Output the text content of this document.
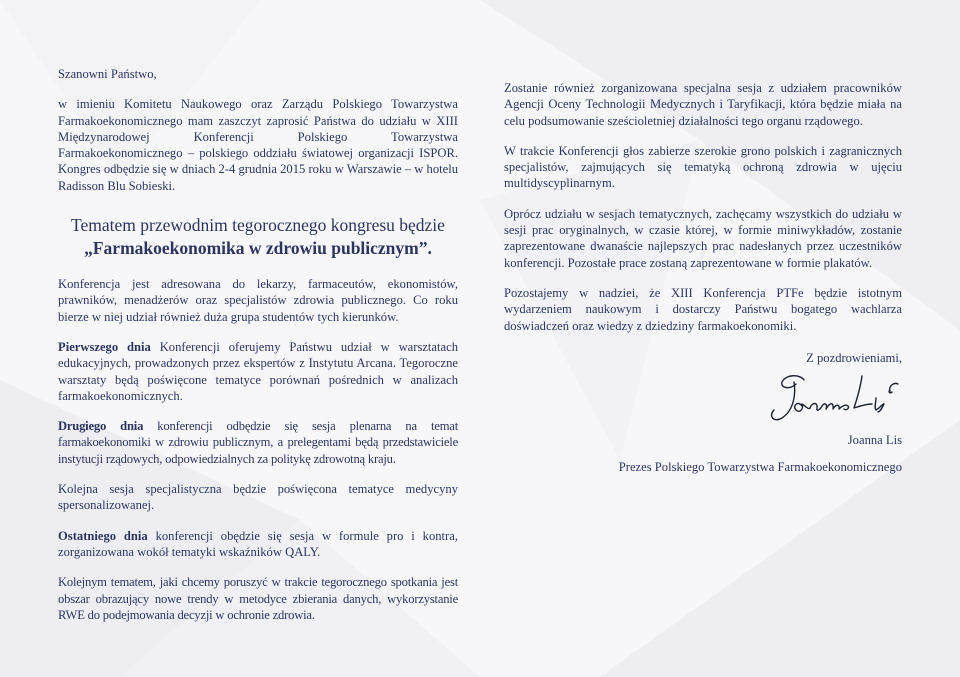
Szanowni Państwo,

w imieniu Komitetu Naukowego oraz Zarządu Polskiego Towarzystwa Farmakoekonomicznego mam zaszczyt zaprosić Państwa do udziału w XIII Międzynarodowej Konferencji Polskiego Towarzystwa Farmakoekonomicznego – polskiego oddziału światowej organizacji ISPOR. Kongres odbędzie się w dniach 2-4 grudnia 2015 roku w Warszawie – w hotelu Radisson Blu Sobieski.

Tematem przewodnim tegorocznego kongresu będzie
„Farmakoekonomika w zdrowiu publicznym”.

Konferencja jest adresowana do lekarzy, farmaceutów, ekonomistów, prawników, menadżerów oraz specjalistów zdrowia publicznego. Co roku bierze w niej udział również duża grupa studentów tych kierunków.

Pierwszego dnia Konferencji oferujemy Państwu udział w warsztatach edukacyjnych, prowadzonych przez ekspertów z Instytutu Arcana. Tegoroczne warsztaty będą poświęcone tematyce porównań pośrednich w analizach farmakoekonomicznych.

Drugiego dnia konferencji odbędzie się sesja plenarna na temat farmakoekonomiki w zdrowiu publicznym, a prelegentami będą przedstawiciele instytucji rządowych, odpowiedzialnych za politykę zdrowotną kraju.

Kolejna sesja specjalistyczna będzie poświęcona tematyce medycyny spersonalizowanej.

Ostatniego dnia konferencji obędzie się sesja w formule pro i kontra, zorganizowana wokół tematyki wskaźników QALY.

Kolejnym tematem, jaki chcemy poruszyć w trakcie tegorocznego spotkania jest obszar obrazujący nowe trendy w metodyce zbierania danych, wykorzystanie RWE do podejmowania decyzji w ochronie zdrowia.

Zostanie również zorganizowana specjalna sesja z udziałem pracowników Agencji Oceny Technologii Medycznych i Taryfikacji, która będzie miała na celu podsumowanie sześcioletniej działalności tego organu rządowego.

W trakcie Konferencji głos zabierze szerokie grono polskich i zagranicznych specjalistów, zajmujących się tematyką ochroną zdrowia w ujęciu multidyscyplinarnym.

Oprócz udziału w sesjach tematycznych, zachęcamy wszystkich do udziału w sesji prac oryginalnych, w czasie której, w formie miniwykładów, zostanie zaprezentowane dwanaście najlepszych prac nadesłanych przez uczestników konferencji. Pozostałe prace zostaną zaprezentowane w formie plakatów.

Pozostajemy w nadziei, że XIII Konferencja PTFe będzie istotnym wydarzeniem naukowym i dostarczy Państwu bogatego wachlarza doświadczeń oraz wiedzy z dziedziny farmakoekonomiki.

Z pozdrowieniami,

Joanna Lis

Prezes Polskiego Towarzystwa Farmakoekonomicznego
